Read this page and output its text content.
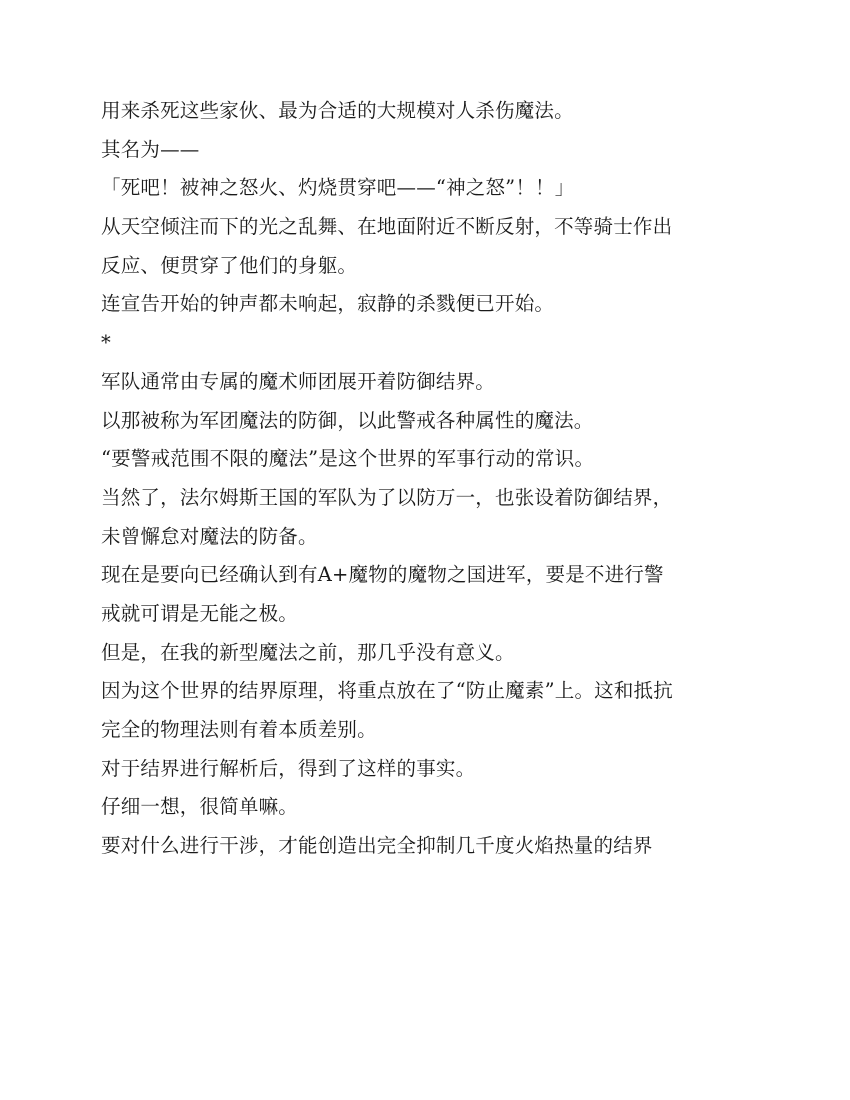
用来杀死这些家伙、最为合适的大规模对人杀伤魔法。

其名为——

「死吧！被神之怒火、灼烧贯穿吧——“神之怒”！！」

从天空倾注而下的光之乱舞、在地面附近不断反射，不等骑士作出

反应、便贯穿了他们的身躯。

连宣告开始的钟声都未响起，寂静的杀戮便已开始。

*

军队通常由专属的魔术师团展开着防御结界。

以那被称为军团魔法的防御，以此警戒各种属性的魔法。

“要警戒范围不限的魔法”是这个世界的军事行动的常识。

当然了，法尔姆斯王国的军队为了以防万一，也张设着防御结界，

未曾懈怠对魔法的防备。

现在是要向已经确认到有A+魔物的魔物之国进军，要是不进行警

戒就可谓是无能之极。

但是，在我的新型魔法之前，那几乎没有意义。

因为这个世界的结界原理，将重点放在了“防止魔素”上。这和抵抗

完全的物理法则有着本质差别。

对于结界进行解析后，得到了这样的事实。

仔细一想，很简单嘛。

要对什么进行干涉，才能创造出完全抑制几千度火焰热量的结界
